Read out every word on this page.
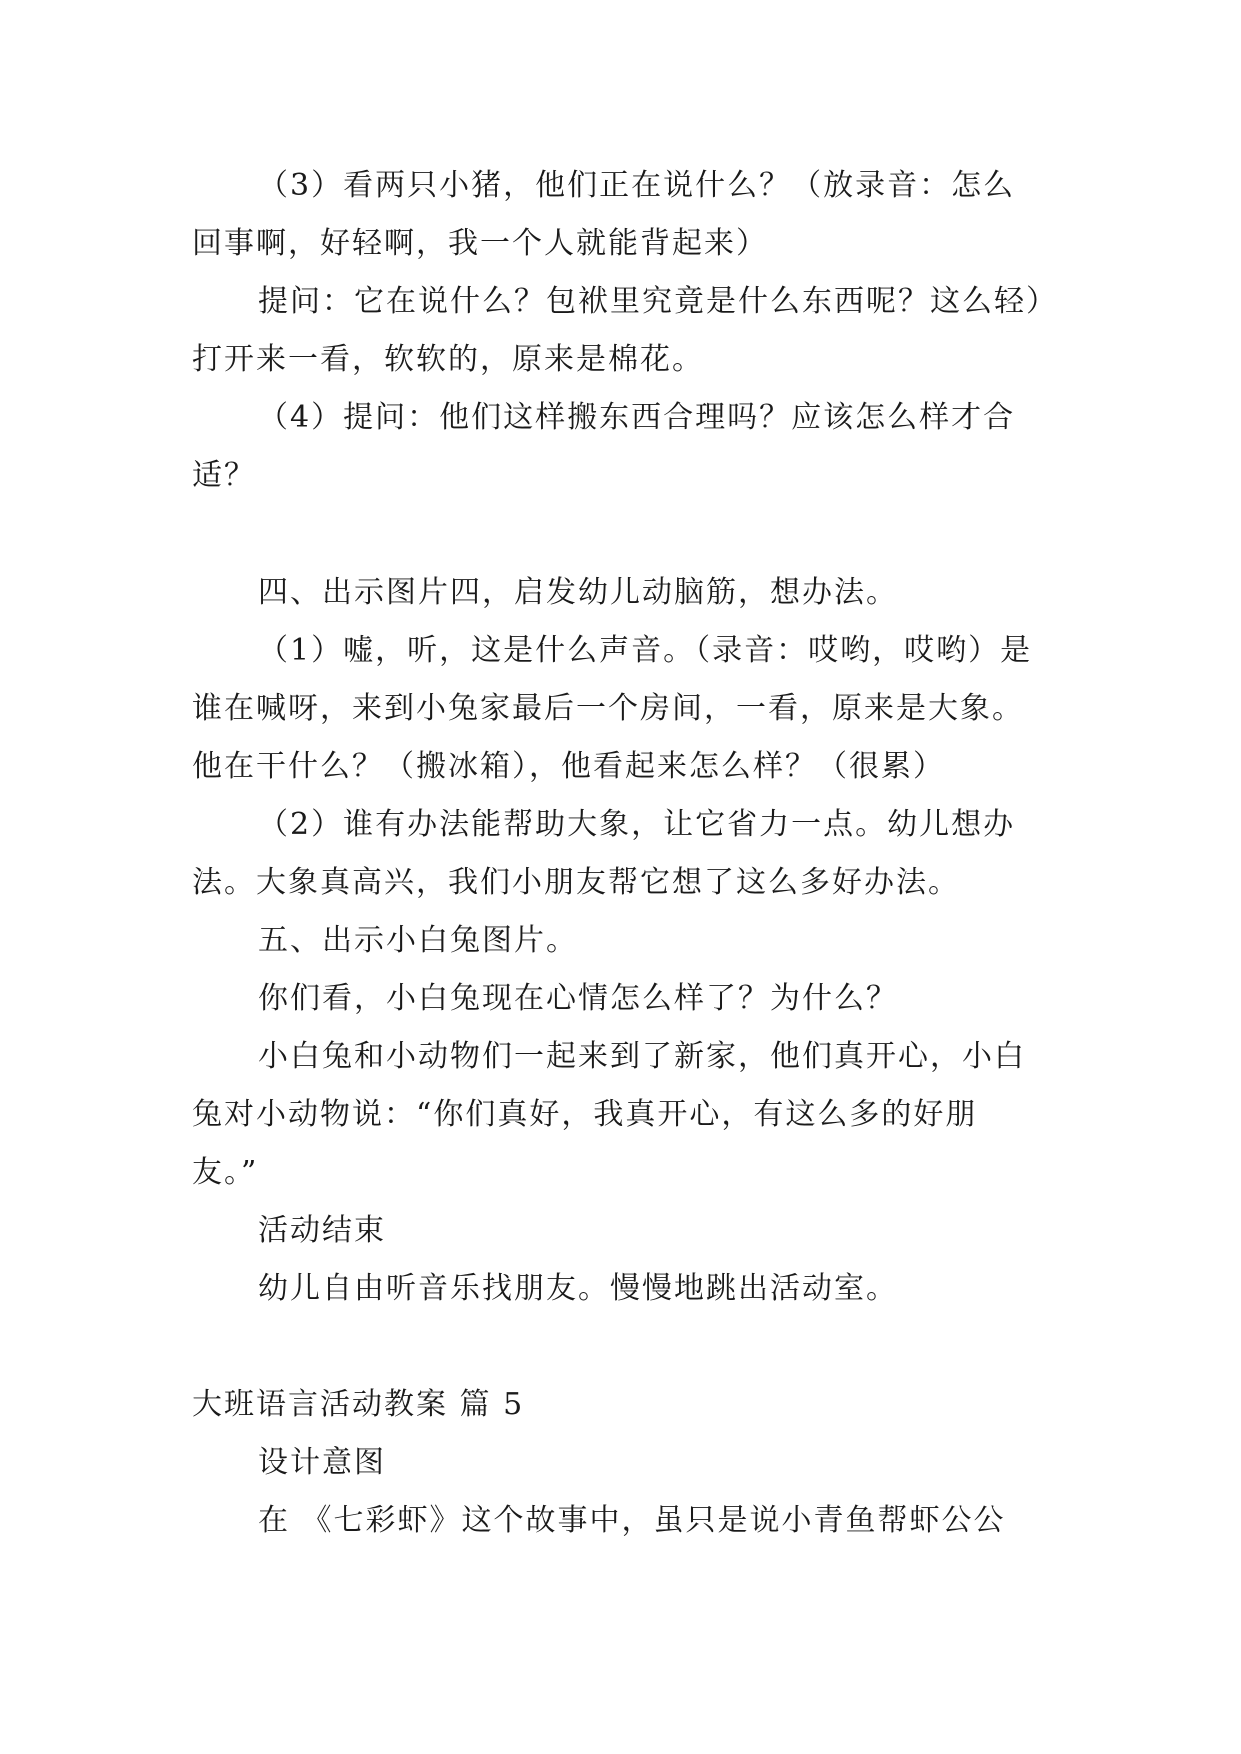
（3）看两只小猪，他们正在说什么？（放录音：怎么
回事啊，好轻啊，我一个人就能背起来）
提问：它在说什么？包袱里究竟是什么东西呢？这么轻）
打开来一看，软软的，原来是棉花。
（4）提问：他们这样搬东西合理吗？应该怎么样才合
适？
四、出示图片四，启发幼儿动脑筋，想办法。
（1）嘘，听，这是什么声音。（录音：哎哟，哎哟）是
谁在喊呀，来到小兔家最后一个房间，一看，原来是大象。
他在干什么？（搬冰箱），他看起来怎么样？（很累）
（2）谁有办法能帮助大象，让它省力一点。幼儿想办
法。大象真高兴，我们小朋友帮它想了这么多好办法。
五、出示小白兔图片。
你们看，小白兔现在心情怎么样了？为什么？
小白兔和小动物们一起来到了新家，他们真开心，小白
兔对小动物说：“你们真好，我真开心，有这么多的好朋
友。”
活动结束
幼儿自由听音乐找朋友。慢慢地跳出活动室。
大班语言活动教案 篇 5
设计意图
在 《七彩虾》这个故事中，虽只是说小青鱼帮虾公公
